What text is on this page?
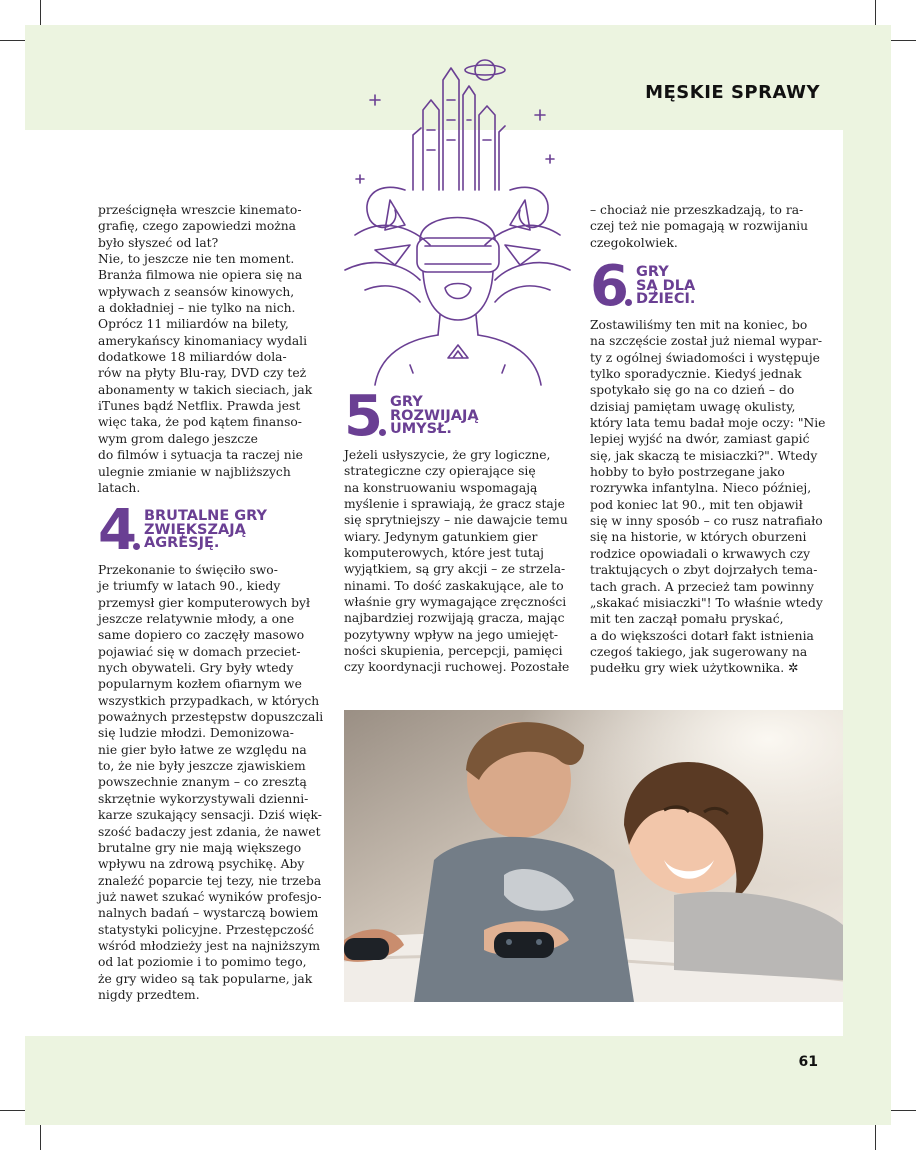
MĘSKIE SPRAWY
prześcignęła wreszcie kinemato-
grafię, czego zapowiedzi można
było słyszeć od lat?
Nie, to jeszcze nie ten moment.
Branża filmowa nie opiera się na
wpływach z seansów kinowych,
a dokładniej – nie tylko na nich.
Oprócz 11 miliardów na bilety,
amerykańscy kinomaniacy wydali
dodatkowe 18 miliardów dola-
rów na płyty Blu-ray, DVD czy też
abonamenty w takich sieciach, jak
iTunes bądź Netflix. Prawda jest
więc taka, że pod kątem finanso-
wym grom dalego jeszcze
do filmów i sytuacja ta raczej nie
ulegnie zmianie w najbliższych
latach.
4 BRUTALNE GRY
ZWIĘKSZAJĄ
AGRESJĘ.
Przekonanie to święciło swo-
je triumfy w latach 90., kiedy
przemysł gier komputerowych był
jeszcze relatywnie młody, a one
same dopiero co zaczęły masowo
pojawiać się w domach przeciet-
nych obywateli. Gry były wtedy
popularnym kozłem ofiarnym we
wszystkich przypadkach, w których
poważnych przestępstw dopuszczali
się ludzie młodzi. Demonizowa-
nie gier było łatwe ze względu na
to, że nie były jeszcze zjawiskiem
powszechnie znanym – co zresztą
skrzętnie wykorzystywali dzienni-
karze szukający sensacji. Dziś więk-
szość badaczy jest zdania, że nawet
brutalne gry nie mają większego
wpływu na zdrową psychikę. Aby
znaleźć poparcie tej tezy, nie trzeba
już nawet szukać wyników profesjo-
nalnych badań – wystarczą bowiem
statystyki policyjne. Przestępczość
wśród młodzieży jest na najniższym
od lat poziomie i to pomimo tego,
że gry wideo są tak popularne, jak
nigdy przedtem.
5 GRY
ROZWIJAJĄ
UMYSŁ.
Jeżeli usłyszycie, że gry logiczne,
strategiczne czy opierające się
na konstruowaniu wspomagają
myślenie i sprawiają, że gracz staje
się sprytniejszy – nie dawajcie temu
wiary. Jedynym gatunkiem gier
komputerowych, które jest tutaj
wyjątkiem, są gry akcji – ze strzela-
ninami. To dość zaskakujące, ale to
właśnie gry wymagające zręczności
najbardziej rozwijają gracza, mając
pozytywny wpływ na jego umiejęt-
ności skupienia, percepcji, pamięci
czy koordynacji ruchowej. Pozostałe
– chociaż nie przeszkadzają, to ra-
czej też nie pomagają w rozwijaniu
czegokolwiek.
6 GRY
SĄ DLA
DZIECI.
Zostawiliśmy ten mit na koniec, bo
na szczęście został już niemal wypar-
ty z ogólnej świadomości i występuje
tylko sporadycznie. Kiedyś jednak
spotykało się go na co dzień – do
dzisiaj pamiętam uwagę okulisty,
który lata temu badał moje oczy: "Nie
lepiej wyjść na dwór, zamiast gapić
się, jak skaczą te misiaczki?". Wtedy
hobby to było postrzegane jako
rozrywka infantylna. Nieco później,
pod koniec lat 90., mit ten objawił
się w inny sposób – co rusz natrafiało
się na historie, w których oburzeni
rodzice opowiadali o krwawych czy
traktujących o zbyt dojrzałych tema-
tach grach. A przecież tam powinny
„skakać misiaczki"! To właśnie wtedy
mit ten zaczął pomału pryskać,
a do większości dotarł fakt istnienia
czegoś takiego, jak sugerowany na
pudełku gry wiek użytkownika. ✲
61
